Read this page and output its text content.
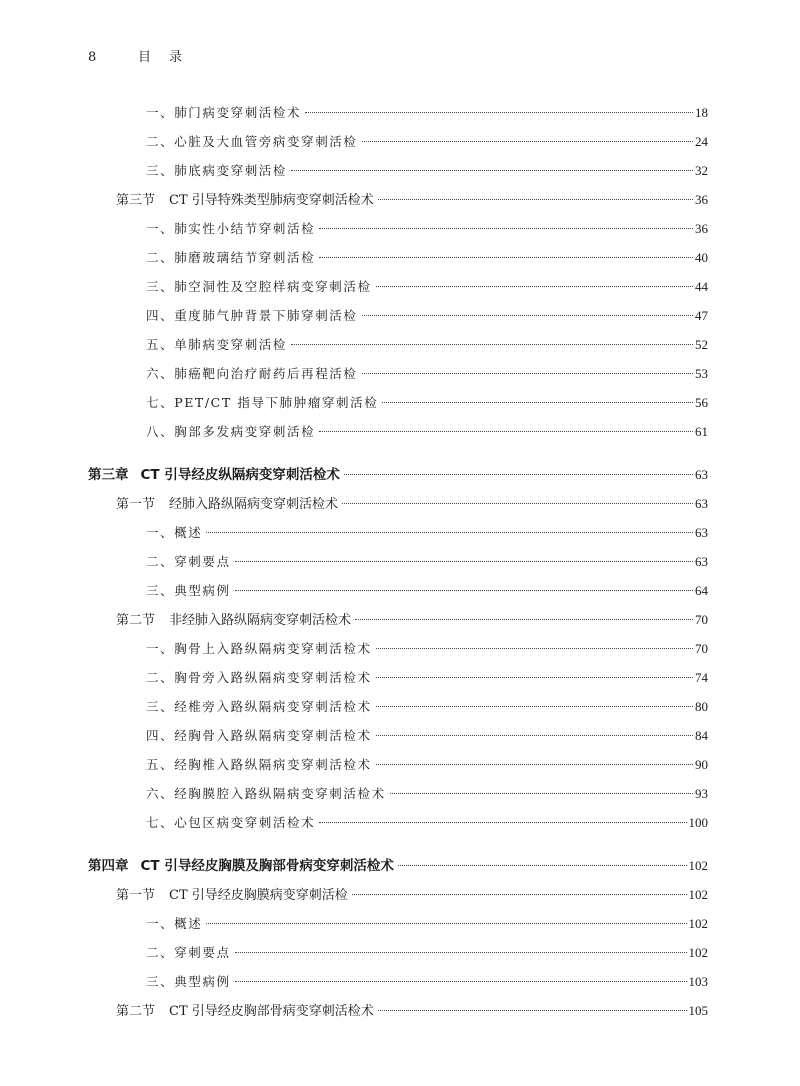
8	目录
一、肺门病变穿刺活检术	18
二、心脏及大血管旁病变穿刺活检	24
三、肺底病变穿刺活检	32
第三节 CT 引导特殊类型肺病变穿刺活检术	36
一、肺实性小结节穿刺活检	36
二、肺磨玻璃结节穿刺活检	40
三、肺空洞性及空腔样病变穿刺活检	44
四、重度肺气肿背景下肺穿刺活检	47
五、单肺病变穿刺活检	52
六、肺癌靶向治疗耐药后再程活检	53
七、PET/CT 指导下肺肿瘤穿刺活检	56
八、胸部多发病变穿刺活检	61
第三章 CT 引导经皮纵隔病变穿刺活检术	63
第一节 经肺入路纵隔病变穿刺活检术	63
一、概述	63
二、穿刺要点	63
三、典型病例	64
第二节 非经肺入路纵隔病变穿刺活检术	70
一、胸骨上入路纵隔病变穿刺活检术	70
二、胸骨旁入路纵隔病变穿刺活检术	74
三、经椎旁入路纵隔病变穿刺活检术	80
四、经胸骨入路纵隔病变穿刺活检术	84
五、经胸椎入路纵隔病变穿刺活检术	90
六、经胸膜腔入路纵隔病变穿刺活检术	93
七、心包区病变穿刺活检术	100
第四章 CT 引导经皮胸膜及胸部骨病变穿刺活检术	102
第一节 CT 引导经皮胸膜病变穿刺活检	102
一、概述	102
二、穿刺要点	102
三、典型病例	103
第二节 CT 引导经皮胸部骨病变穿刺活检术	105
